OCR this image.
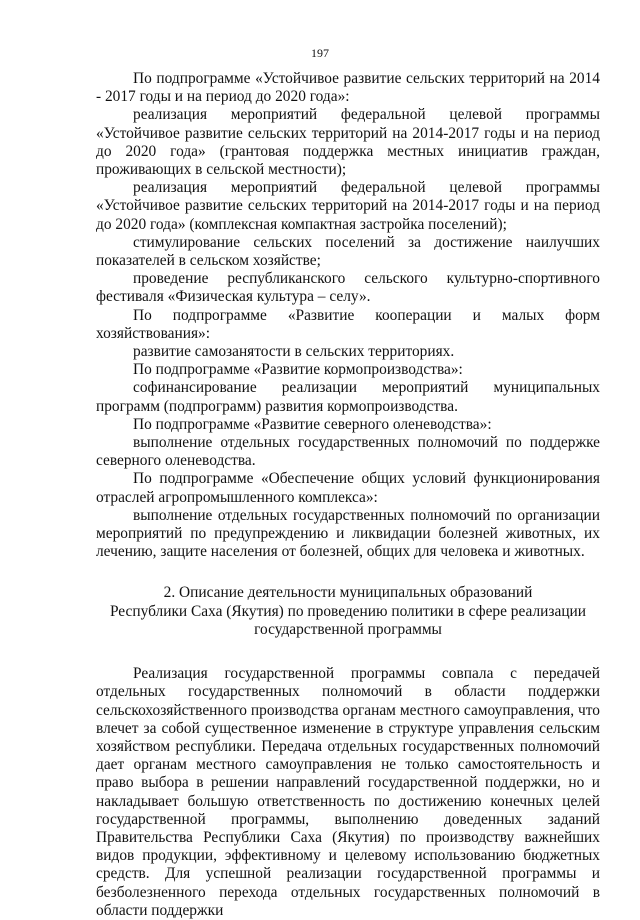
197

По подпрограмме «Устойчивое развитие сельских территорий на 2014 - 2017 годы и на период до 2020 года»:

реализация мероприятий федеральной целевой программы «Устойчивое развитие сельских территорий на 2014-2017 годы и на период до 2020 года» (грантовая поддержка местных инициатив граждан, проживающих в сельской местности);

реализация мероприятий федеральной целевой программы «Устойчивое развитие сельских территорий на 2014-2017 годы и на период до 2020 года» (комплексная компактная застройка поселений);

стимулирование сельских поселений за достижение наилучших показателей в сельском хозяйстве;

проведение республиканского сельского культурно-спортивного фестиваля «Физическая культура – селу».

По подпрограмме «Развитие кооперации и малых форм хозяйствования»:

развитие самозанятости в сельских территориях.

По подпрограмме «Развитие кормопроизводства»:

софинансирование реализации мероприятий муниципальных программ (подпрограмм) развития кормопроизводства.

По подпрограмме «Развитие северного оленеводства»:

выполнение отдельных государственных полномочий по поддержке северного оленеводства.

По подпрограмме «Обеспечение общих условий функционирования отраслей агропромышленного комплекса»:

выполнение отдельных государственных полномочий по организации мероприятий по предупреждению и ликвидации болезней животных, их лечению, защите населения от болезней, общих для человека и животных.

2. Описание деятельности муниципальных образований

Республики Саха (Якутия) по проведению политики в сфере реализации

государственной программы

Реализация государственной программы совпала с передачей отдельных государственных полномочий в области поддержки сельскохозяйственного производства органам местного самоуправления, что влечет за собой существенное изменение в структуре управления сельским хозяйством республики. Передача отдельных государственных полномочий дает органам местного самоуправления не только самостоятельность и право выбора в решении направлений государственной поддержки, но и накладывает большую ответственность по достижению конечных целей государственной программы, выполнению доведенных заданий Правительства Республики Саха (Якутия) по производству важнейших видов продукции, эффективному и целевому использованию бюджетных средств. Для успешной реализации государственной программы и безболезненного перехода отдельных государственных полномочий в области поддержки
